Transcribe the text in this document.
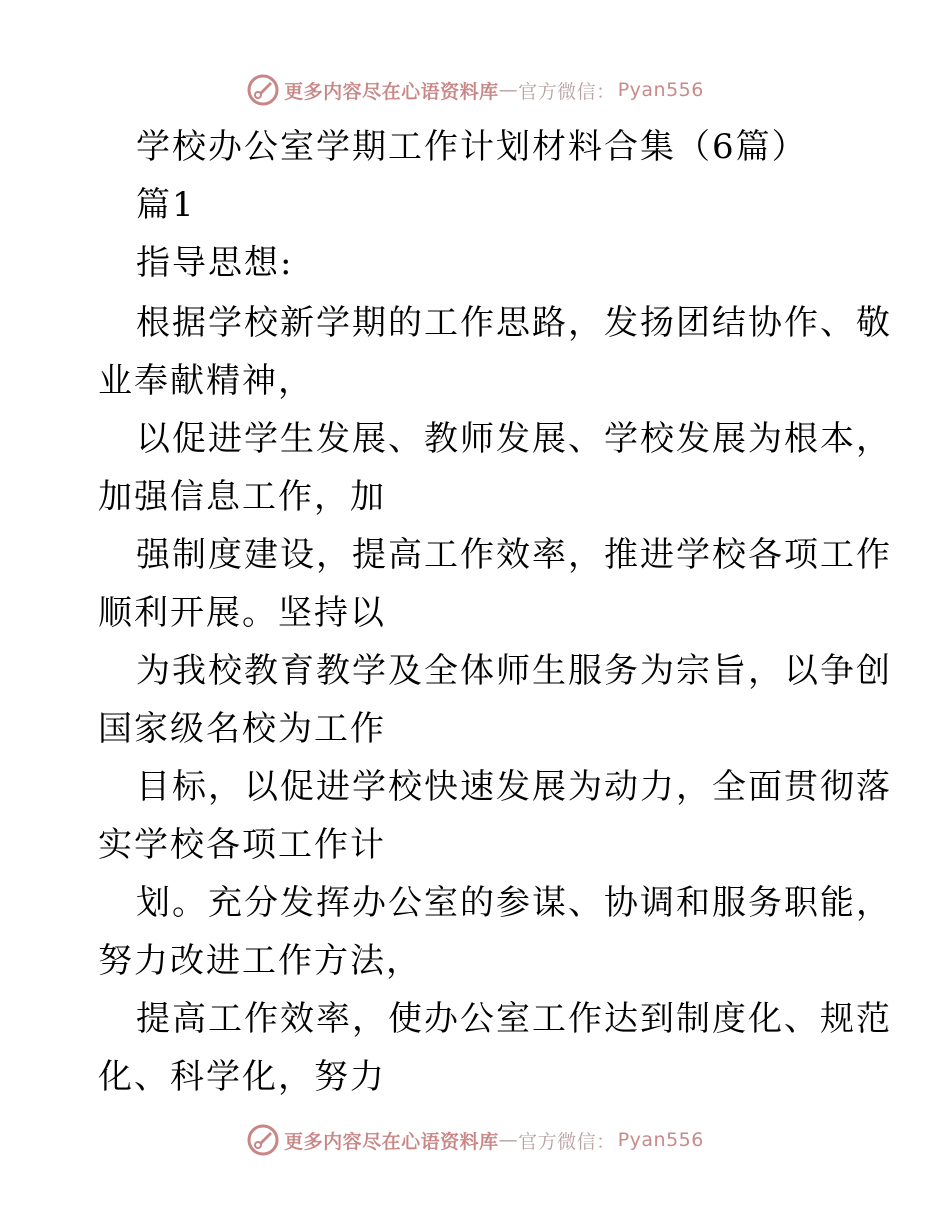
更多内容尽在心语资料库 — 官方微信： Pyan556
学校办公室学期工作计划材料合集（6篇）
篇1
指导思想:
根据学校新学期的工作思路，发扬团结协作、敬
业奉献精神，
以促进学生发展、教师发展、学校发展为根本，
加强信息工作，加
强制度建设，提高工作效率，推进学校各项工作
顺利开展。坚持以
为我校教育教学及全体师生服务为宗旨，以争创
国家级名校为工作
目标，以促进学校快速发展为动力，全面贯彻落
实学校各项工作计
划。充分发挥办公室的参谋、协调和服务职能，
努力改进工作方法，
提高工作效率，使办公室工作达到制度化、规范
化、科学化，努力
更多内容尽在心语资料库 — 官方微信： Pyan556
